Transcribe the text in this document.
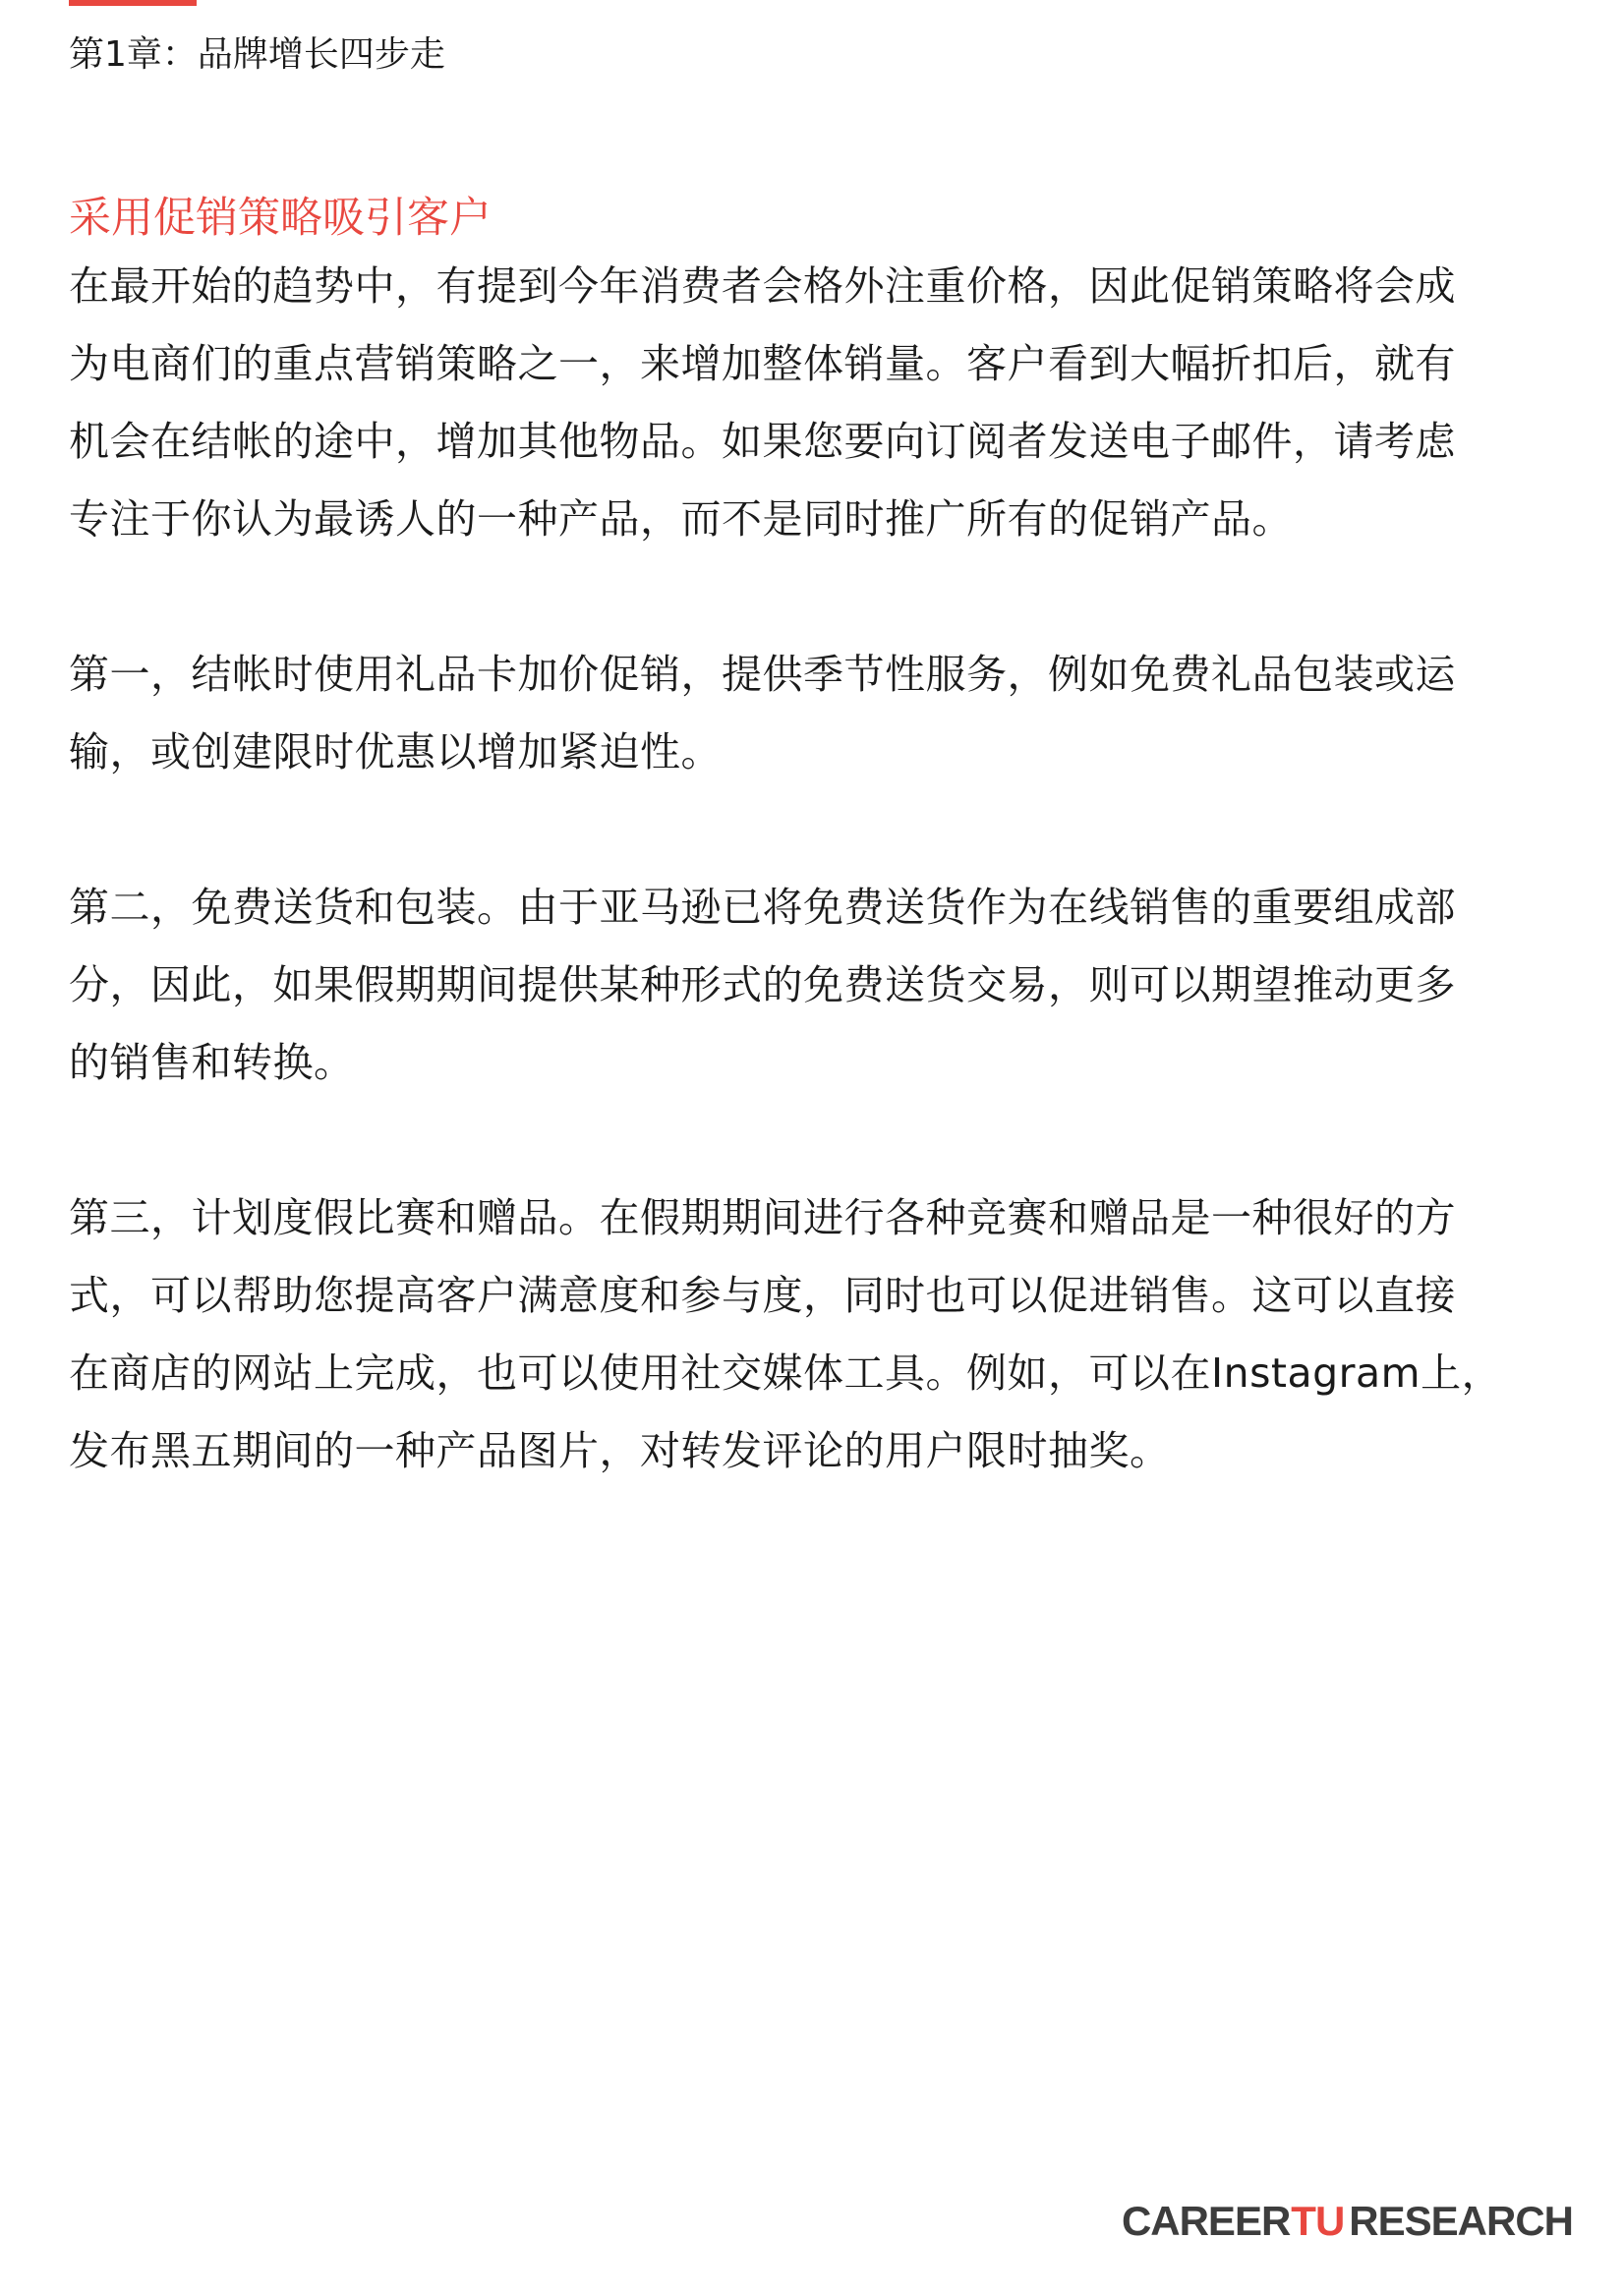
第1章：品牌增长四步走
采用促销策略吸引客户

在最开始的趋势中，有提到今年消费者会格外注重价格，因此促销策略将会成
为电商们的重点营销策略之一，来增加整体销量。客户看到大幅折扣后，就有
机会在结帐的途中，增加其他物品。如果您要向订阅者发送电子邮件，请考虑
专注于你认为最诱人的一种产品，而不是同时推广所有的促销产品。

第一，结帐时使用礼品卡加价促销，提供季节性服务，例如免费礼品包装或运
输，或创建限时优惠以增加紧迫性。

第二，免费送货和包装。由于亚马逊已将免费送货作为在线销售的重要组成部
分，因此，如果假期期间提供某种形式的免费送货交易，则可以期望推动更多
的销售和转换。

第三，计划度假比赛和赠品。在假期期间进行各种竞赛和赠品是一种很好的方
式，可以帮助您提高客户满意度和参与度，同时也可以促进销售。这可以直接
在商店的网站上完成，也可以使用社交媒体工具。例如，可以在Instagram上，
发布黑五期间的一种产品图片，对转发评论的用户限时抽奖。

CAREER TU RESEARCH
